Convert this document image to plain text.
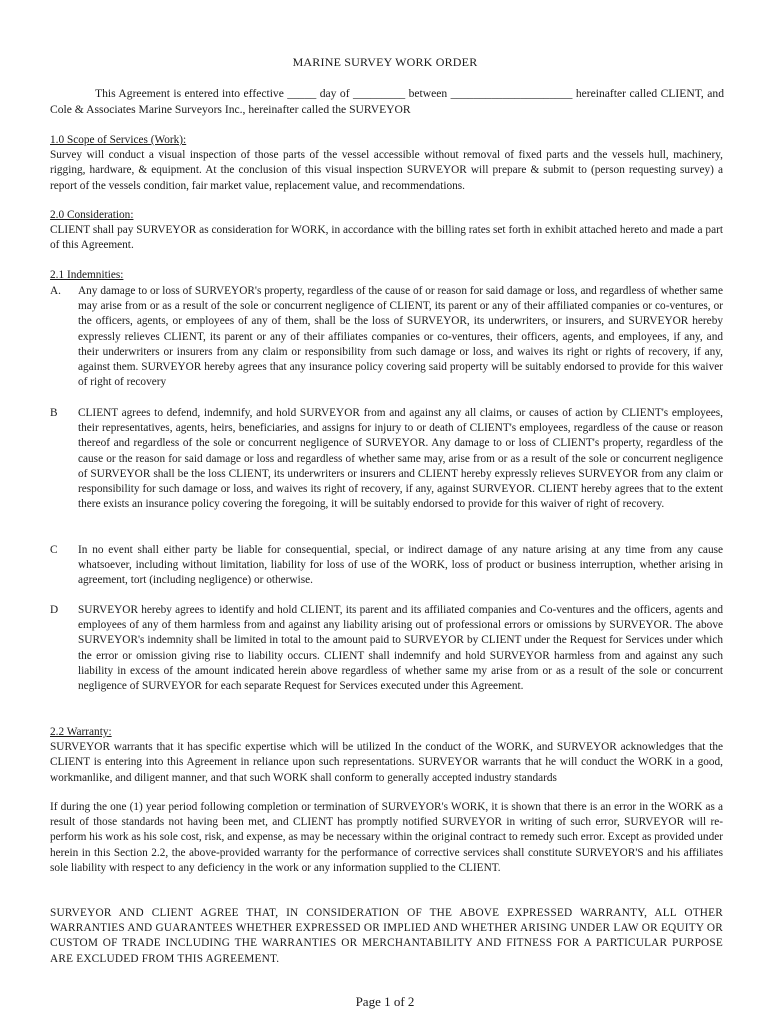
MARINE SURVEY WORK ORDER
This Agreement is entered into effective _____ day of _________ between _____________________ hereinafter called CLIENT, and Cole & Associates Marine Surveyors Inc., hereinafter called the SURVEYOR
1.0 Scope of Services (Work):
Survey will conduct a visual inspection of those parts of the vessel accessible without removal of fixed parts and the vessels hull, machinery, rigging, hardware, & equipment. At the conclusion of this visual inspection SURVEYOR will prepare & submit to (person requesting survey) a report of the vessels condition, fair market value, replacement value, and recommendations.
2.0 Consideration:
CLIENT shall pay SURVEYOR as consideration for WORK, in accordance with the billing rates set forth in exhibit attached hereto and made a part of this Agreement.
2.1 Indemnities:
A.	Any damage to or loss of SURVEYOR's property, regardless of the cause of or reason for said damage or loss, and regardless of whether same may arise from or as a result of the sole or concurrent negligence of CLIENT, its parent or any of their affiliated companies or co-ventures, or the officers, agents, or employees of any of them, shall be the loss of SURVEYOR, its underwriters, or insurers, and SURVEYOR hereby expressly relieves CLIENT, its parent or any of their affiliates companies or co-ventures, their officers, agents, and employees, if any, and their underwriters or insurers from any claim or responsibility from such damage or loss, and waives its right or rights of recovery, if any, against them. SURVEYOR hereby agrees that any insurance policy covering said property will be suitably endorsed to provide for this waiver of right of recovery
B	CLIENT agrees to defend, indemnify, and hold SURVEYOR from and against any all claims, or causes of action by CLIENT's employees, their representatives, agents, heirs, beneficiaries, and assigns for injury to or death of CLIENT's employees, regardless of the cause or reason thereof and regardless of the sole or concurrent negligence of SURVEYOR. Any damage to or loss of CLIENT's property, regardless of the cause or the reason for said damage or loss and regardless of whether same may, arise from or as a result of the sole or concurrent negligence of SURVEYOR shall be the loss CLIENT, its underwriters or insurers and CLIENT hereby expressly relieves SURVEYOR from any claim or responsibility for such damage or loss, and waives its right of recovery, if any, against SURVEYOR. CLIENT hereby agrees that to the extent there exists an insurance policy covering the foregoing, it will be suitably endorsed to provide for this waiver of right of recovery.
C	In no event shall either party be liable for consequential, special, or indirect damage of any nature arising at any time from any cause whatsoever, including without limitation, liability for loss of use of the WORK, loss of product or business interruption, whether arising in agreement, tort (including negligence) or otherwise.
D	SURVEYOR hereby agrees to identify and hold CLIENT, its parent and its affiliated companies and Co-ventures and the officers, agents and employees of any of them harmless from and against any liability arising out of professional errors or omissions by SURVEYOR. The above SURVEYOR's indemnity shall be limited in total to the amount paid to SURVEYOR by CLIENT under the Request for Services under which the error or omission giving rise to liability occurs. CLIENT shall indemnify and hold SURVEYOR harmless from and against any such liability in excess of the amount indicated herein above regardless of whether same my arise from or as a result of the sole or concurrent negligence of SURVEYOR for each separate Request for Services executed under this Agreement.
2.2 Warranty:
SURVEYOR warrants that it has specific expertise which will be utilized In the conduct of the WORK, and SURVEYOR acknowledges that the CLIENT is entering into this Agreement in reliance upon such representations. SURVEYOR warrants that he will conduct the WORK in a good, workmanlike, and diligent manner, and that such WORK shall conform to generally accepted industry standards
If during the one (1) year period following completion or termination of SURVEYOR's WORK, it is shown that there is an error in the WORK as a result of those standards not having been met, and CLIENT has promptly notified SURVEYOR in writing of such error, SURVEYOR will re-perform his work as his sole cost, risk, and expense, as may be necessary within the original contract to remedy such error. Except as provided under herein in this Section 2.2, the above-provided warranty for the performance of corrective services shall constitute SURVEYOR'S and his affiliates sole liability with respect to any deficiency in the work or any information supplied to the CLIENT.
SURVEYOR AND CLIENT AGREE THAT, IN CONSIDERATION OF THE ABOVE EXPRESSED WARRANTY, ALL OTHER WARRANTIES AND GUARANTEES WHETHER EXPRESSED OR IMPLIED AND WHETHER ARISING UNDER LAW OR EQUITY OR CUSTOM OF TRADE INCLUDING THE WARRANTIES OR MERCHANTABILITY AND FITNESS FOR A PARTICULAR PURPOSE ARE EXCLUDED FROM THIS AGREEMENT.
Page 1 of 2
